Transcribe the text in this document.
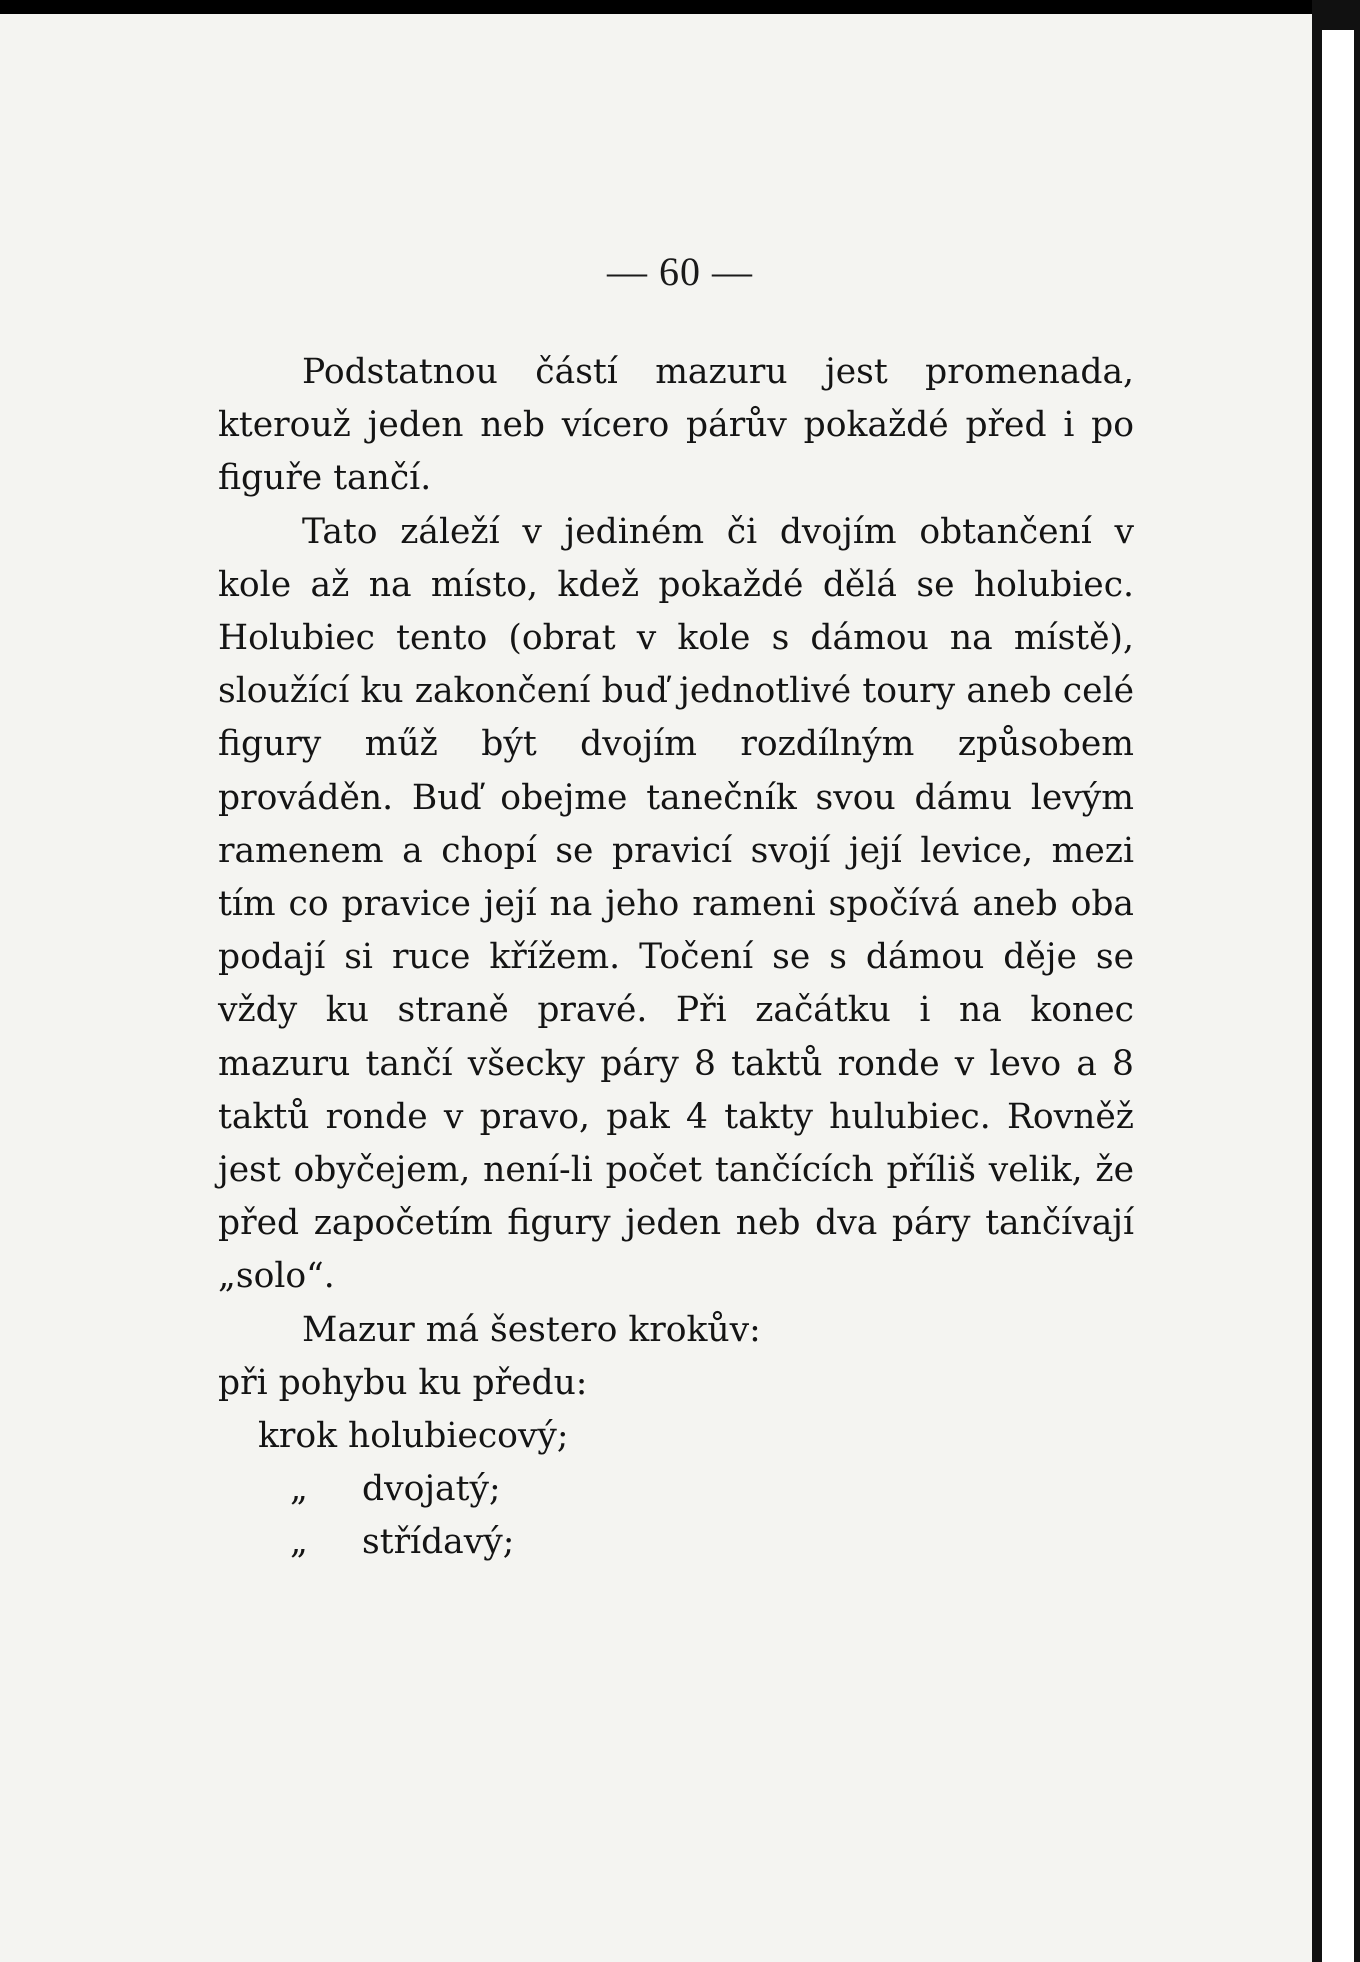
— 60 —

Podstatnou částí mazuru jest promenada, kterouž jeden neb vícero párův pokaždé před i po figuře tančí.

Tato záleží v jediném či dvojím obtančení v kole až na místo, kdež pokaždé dělá se holubiec. Holubiec tento (obrat v kole s dámou na místě), sloužící ku zakončení buď jednotlivé toury aneb celé figury műž být dvojím rozdílným způsobem prováděn. Buď obejme tanečník svou dámu levým ramenem a chopí se pravicí svojí její levice, mezi tím co pravice její na jeho rameni spočívá aneb oba podají si ruce křížem. Točení se s dámou děje se vždy ku straně pravé. Při začátku i na konec mazuru tančí všecky páry 8 taktů ronde v levo a 8 taktů ronde v pravo, pak 4 takty hulubiec. Rovněž jest obyčejem, není-li počet tančících příliš velik, že před započetím figury jeden neb dva páry tančívají „solo“.

Mazur má šestero krokův:

při pohybu ku předu:

krok holubiecový;

„ dvojatý;

„ střídavý;
